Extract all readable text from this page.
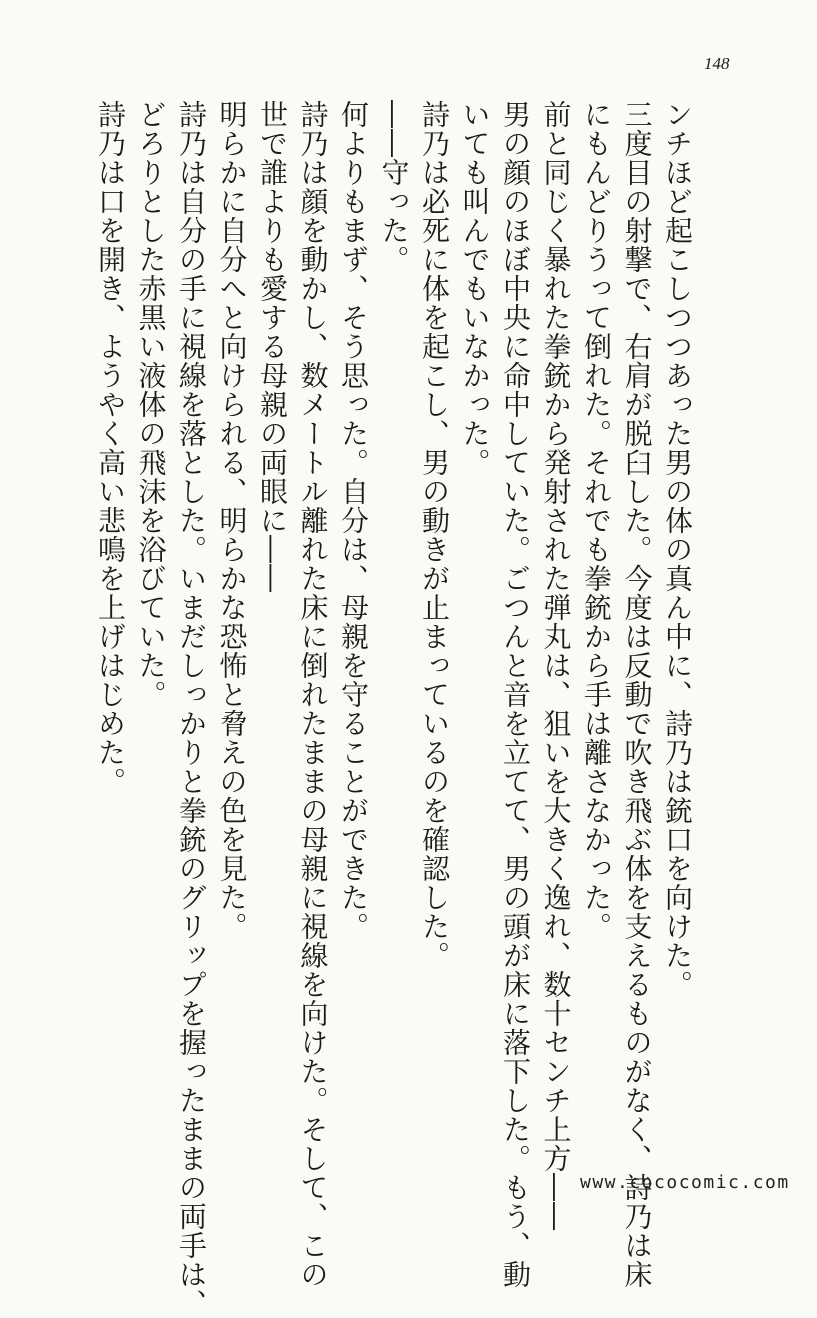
148

ンチほど起こしつつあった男の体の真ん中に、詩乃は銃口を向けた。

三度目の射撃で、右肩が脱臼した。今度は反動で吹き飛ぶ体を支えるものがなく、詩乃は床

にもんどりうって倒れた。それでも拳銃から手は離さなかった。

前と同じく暴れた拳銃から発射された弾丸は、狙いを大きく逸れ、数十センチ上方――

男の顔のほぼ中央に命中していた。ごつんと音を立てて、男の頭が床に落下した。もう、動

いても叫んでもいなかった。

詩乃は必死に体を起こし、男の動きが止まっているのを確認した。

――守った。

何よりもまず、そう思った。自分は、母親を守ることができた。

詩乃は顔を動かし、数メートル離れた床に倒れたままの母親に視線を向けた。そして、この

世で誰よりも愛する母親の両眼に――

明らかに自分へと向けられる、明らかな恐怖と脅えの色を見た。

詩乃は自分の手に視線を落とした。いまだしっかりと拳銃のグリップを握ったままの両手は、

どろりとした赤黒い液体の飛沫を浴びていた。

詩乃は口を開き、ようやく高い悲鳴を上げはじめた。

www.cococomic.com
